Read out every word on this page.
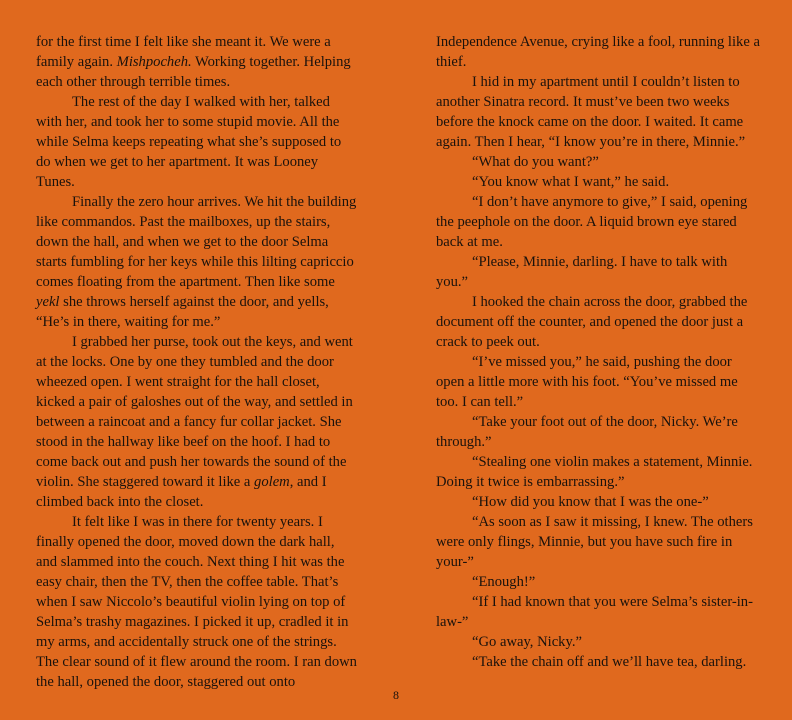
for the first time I felt like she meant it. We were a family again. Mishpocheh. Working together. Helping each other through terrible times.

The rest of the day I walked with her, talked with her, and took her to some stupid movie. All the while Selma keeps repeating what she’s supposed to do when we get to her apartment. It was Looney Tunes.

Finally the zero hour arrives. We hit the building like commandos. Past the mailboxes, up the stairs, down the hall, and when we get to the door Selma starts fumbling for her keys while this lilting capriccio comes floating from the apartment. Then like some yekl she throws herself against the door, and yells, “He’s in there, waiting for me.”

I grabbed her purse, took out the keys, and went at the locks. One by one they tumbled and the door wheezed open. I went straight for the hall closet, kicked a pair of galoshes out of the way, and settled in between a raincoat and a fancy fur collar jacket. She stood in the hallway like beef on the hoof. I had to come back out and push her towards the sound of the violin. She staggered toward it like a golem, and I climbed back into the closet.

It felt like I was in there for twenty years. I finally opened the door, moved down the dark hall, and slammed into the couch. Next thing I hit was the easy chair, then the TV, then the coffee table. That’s when I saw Niccolo’s beautiful violin lying on top of Selma’s trashy magazines. I picked it up, cradled it in my arms, and accidentally struck one of the strings. The clear sound of it flew around the room. I ran down the hall, opened the door, staggered out onto

Independence Avenue, crying like a fool, running like a thief.

I hid in my apartment until I couldn’t listen to another Sinatra record. It must’ve been two weeks before the knock came on the door. I waited. It came again. Then I hear, “I know you’re in there, Minnie.”

“What do you want?”

“You know what I want,” he said.

“I don’t have anymore to give,” I said, opening the peephole on the door. A liquid brown eye stared back at me.

“Please, Minnie, darling. I have to talk with you.”

I hooked the chain across the door, grabbed the document off the counter, and opened the door just a crack to peek out.

“I’ve missed you,” he said, pushing the door open a little more with his foot. “You’ve missed me too. I can tell.”

“Take your foot out of the door, Nicky. We’re through.”

“Stealing one violin makes a statement, Minnie. Doing it twice is embarrassing.”

“How did you know that I was the one-”

“As soon as I saw it missing, I knew. The others were only flings, Minnie, but you have such fire in your-”

“Enough!”

“If I had known that you were Selma’s sister-in-law-”

“Go away, Nicky.”

“Take the chain off and we’ll have tea, darling.

8
